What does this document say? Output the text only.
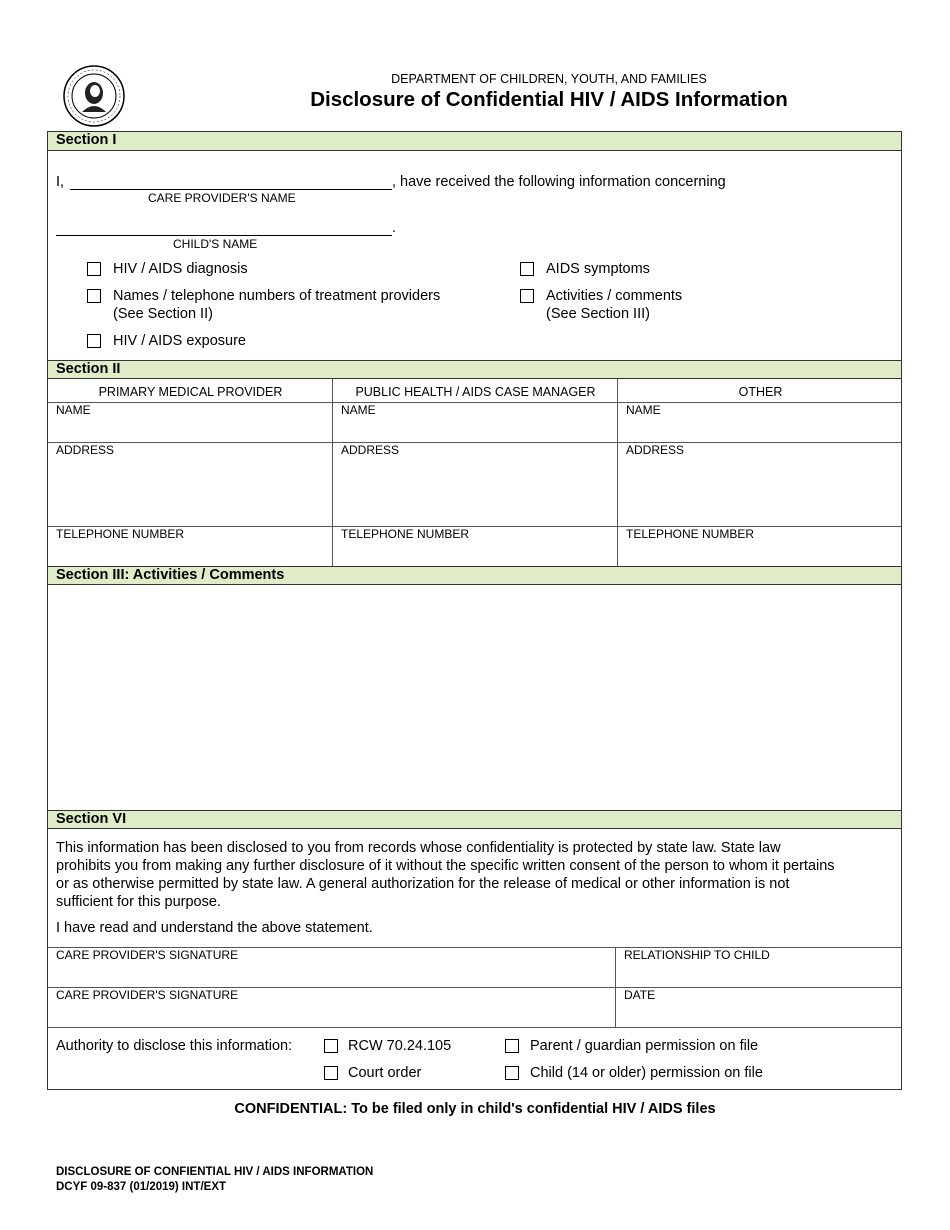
DEPARTMENT OF CHILDREN, YOUTH, AND FAMILIES
Disclosure of Confidential HIV / AIDS Information
Section I
I,	, have received the following information concerning
CARE PROVIDER'S NAME
.
CHILD'S NAME
HIV / AIDS diagnosis
Names / telephone numbers of treatment providers
(See Section II)
HIV / AIDS exposure
AIDS symptoms
Activities / comments
(See Section III)
Section II
PRIMARY MEDICAL PROVIDER	PUBLIC HEALTH / AIDS CASE MANAGER	OTHER
NAME	NAME	NAME
ADDRESS	ADDRESS	ADDRESS
TELEPHONE NUMBER	TELEPHONE NUMBER	TELEPHONE NUMBER
Section III: Activities / Comments
Section VI
This information has been disclosed to you from records whose confidentiality is protected by state law. State law
prohibits you from making any further disclosure of it without the specific written consent of the person to whom it pertains
or as otherwise permitted by state law. A general authorization for the release of medical or other information is not
sufficient for this purpose.
I have read and understand the above statement.
CARE PROVIDER'S SIGNATURE	RELATIONSHIP TO CHILD
CARE PROVIDER'S SIGNATURE	DATE
Authority to disclose this information:	RCW 70.24.105	Parent / guardian permission on file
Court order	Child (14 or older) permission on file
CONFIDENTIAL: To be filed only in child's confidential HIV / AIDS files
DISCLOSURE OF CONFIENTIAL HIV / AIDS INFORMATION
DCYF 09-837 (01/2019) INT/EXT
